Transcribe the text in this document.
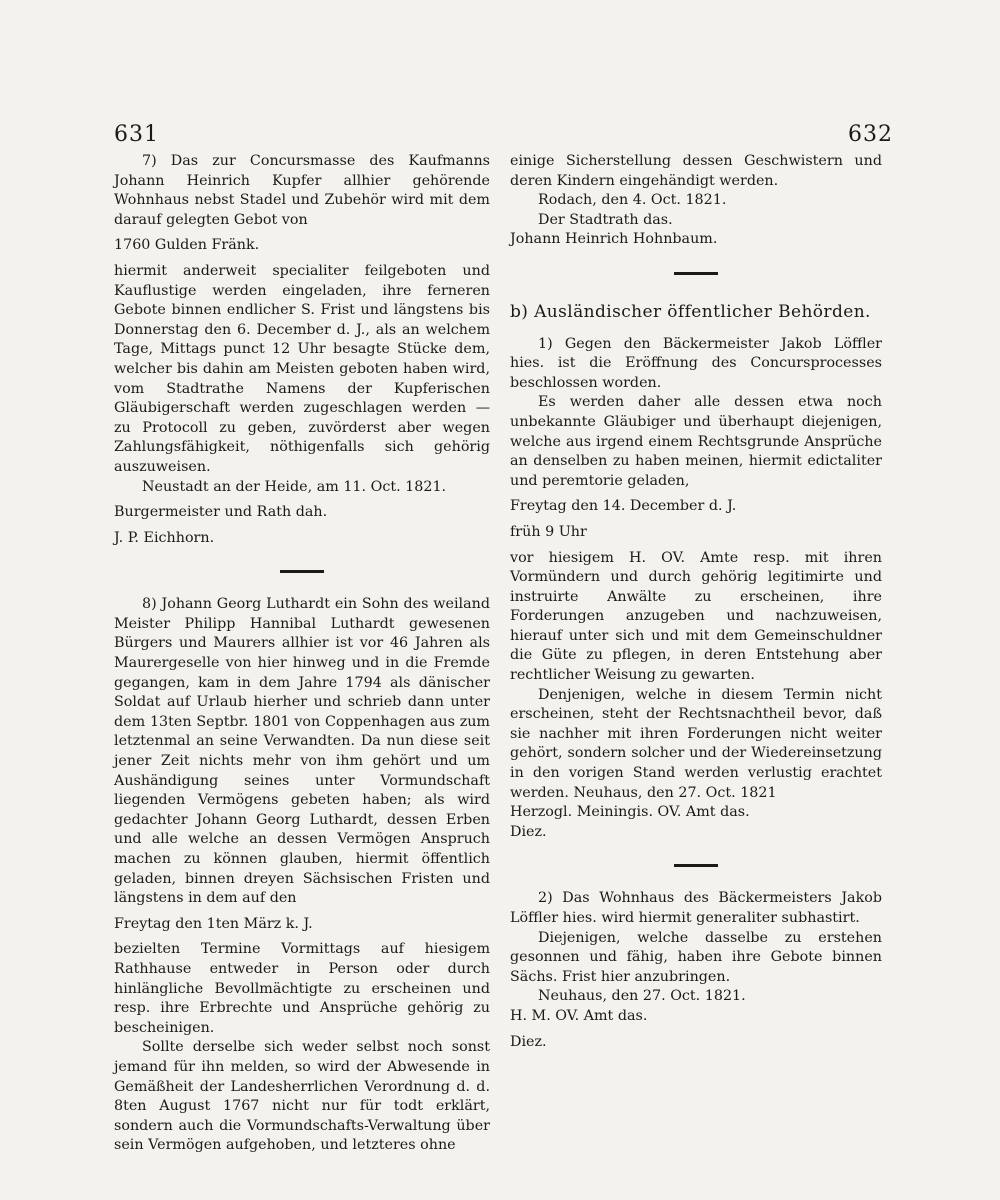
631	632

7) Das zur Concursmasse des Kaufmanns Johann Heinrich Kupfer allhier gehörende Wohnhaus nebst Stadel und Zubehör wird mit dem darauf gelegten Gebot von

1760 Gulden Fränk.

hiermit anderweit specialiter feilgeboten und Kauflustige werden eingeladen, ihre ferneren Gebote binnen endlicher S. Frist und längstens bis Donnerstag den 6. December d. J., als an welchem Tage, Mittags punct 12 Uhr besagte Stücke dem, welcher bis dahin am Meisten geboten haben wird, vom Stadtrathe Namens der Kupferischen Gläubigerschaft werden zugeschlagen werden — zu Protocoll zu geben, zuvörderst aber wegen Zahlungsfähigkeit, nöthigenfalls sich gehörig auszuweisen.

Neustadt an der Heide, am 11. Oct. 1821.

Burgermeister und Rath dah.

J. P. Eichhorn.

8) Johann Georg Luthardt ein Sohn des weiland Meister Philipp Hannibal Luthardt gewesenen Bürgers und Maurers allhier ist vor 46 Jahren als Maurergeselle von hier hinweg und in die Fremde gegangen, kam in dem Jahre 1794 als dänischer Soldat auf Urlaub hierher und schrieb dann unter dem 13ten Septbr. 1801 von Coppenhagen aus zum letztenmal an seine Verwandten. Da nun diese seit jener Zeit nichts mehr von ihm gehört und um Aushändigung seines unter Vormundschaft liegenden Vermögens gebeten haben; als wird gedachter Johann Georg Luthardt, dessen Erben und alle welche an dessen Vermögen Anspruch machen zu können glauben, hiermit öffentlich geladen, binnen dreyen Sächsischen Fristen und längstens in dem auf den

Freytag den 1ten März k. J.

bezielten Termine Vormittags auf hiesigem Rathhause entweder in Person oder durch hinlängliche Bevollmächtigte zu erscheinen und resp. ihre Erbrechte und Ansprüche gehörig zu bescheinigen.

Sollte derselbe sich weder selbst noch sonst jemand für ihn melden, so wird der Abwesende in Gemäßheit der Landesherrlichen Verordnung d. d. 8ten August 1767 nicht nur für todt erklärt, sondern auch die Vormundschafts-Verwaltung über sein Vermögen aufgehoben, und letzteres ohne

einige Sicherstellung dessen Geschwistern und deren Kindern eingehändigt werden.

Rodach, den 4. Oct. 1821.

Der Stadtrath das.

Johann Heinrich Hohnbaum.

b) Ausländischer öffentlicher Behörden.

1) Gegen den Bäckermeister Jakob Löffler hies. ist die Eröffnung des Concursprocesses beschlossen worden.

Es werden daher alle dessen etwa noch unbekannte Gläubiger und überhaupt diejenigen, welche aus irgend einem Rechtsgrunde Ansprüche an denselben zu haben meinen, hiermit edictaliter und peremtorie geladen,

Freytag den 14. December d. J.

früh 9 Uhr

vor hiesigem H. OV. Amte resp. mit ihren Vormündern und durch gehörig legitimirte und instruirte Anwälte zu erscheinen, ihre Forderungen anzugeben und nachzuweisen, hierauf unter sich und mit dem Gemeinschuldner die Güte zu pflegen, in deren Entstehung aber rechtlicher Weisung zu gewarten.

Denjenigen, welche in diesem Termin nicht erscheinen, steht der Rechtsnachtheil bevor, daß sie nachher mit ihren Forderungen nicht weiter gehört, sondern solcher und der Wiedereinsetzung in den vorigen Stand werden verlustig erachtet werden. Neuhaus, den 27. Oct. 1821

Herzogl. Meiningis. OV. Amt das.

Diez.

2) Das Wohnhaus des Bäckermeisters Jakob Löffler hies. wird hiermit generaliter subhastirt.

Diejenigen, welche dasselbe zu erstehen gesonnen und fähig, haben ihre Gebote binnen Sächs. Frist hier anzubringen.

Neuhaus, den 27. Oct. 1821.

H. M. OV. Amt das.

Diez.
